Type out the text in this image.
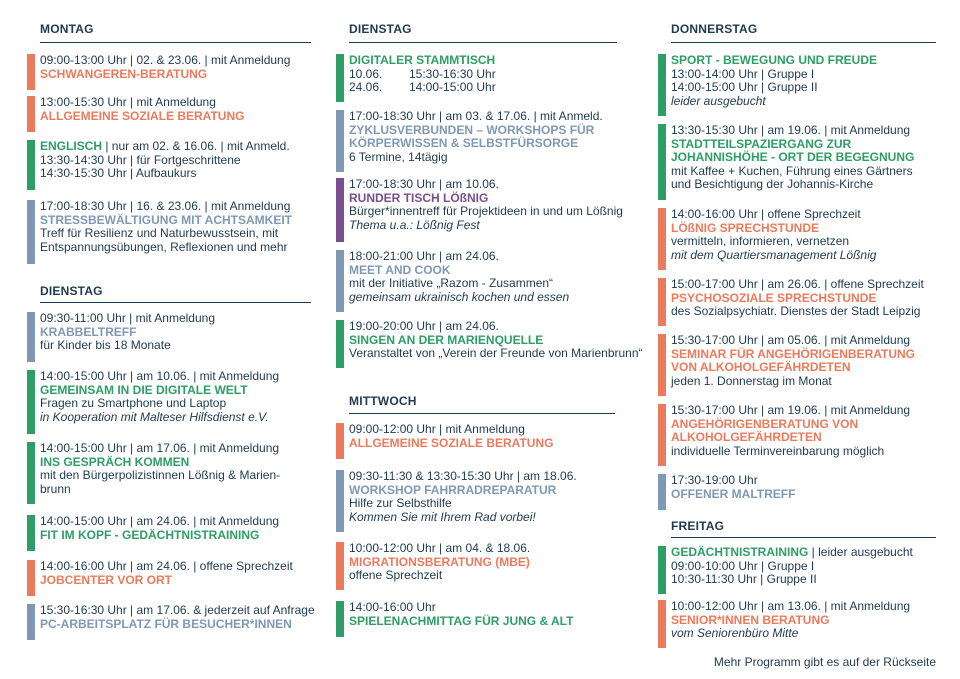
MONTAG
09:00-13:00 Uhr | 02. & 23.06. | mit Anmeldung
SCHWANGEREN-BERATUNG
13:00-15:30 Uhr | mit Anmeldung
ALLGEMEINE SOZIALE BERATUNG
ENGLISCH | nur am 02. & 16.06. | mit Anmeld.
13:30-14:30 Uhr | für Fortgeschrittene
14:30-15:30 Uhr | Aufbaukurs
17:00-18:30 Uhr | 16. & 23.06. | mit Anmeldung
STRESSBEWÄLTIGUNG MIT ACHTSAMKEIT
Treff für Resilienz und Naturbewusstsein, mit
Entspannungsübungen, Reflexionen und mehr
DIENSTAG
09:30-11:00 Uhr | mit Anmeldung
KRABBELTREFF
für Kinder bis 18 Monate
14:00-15:00 Uhr | am 10.06. | mit Anmeldung
GEMEINSAM IN DIE DIGITALE WELT
Fragen zu Smartphone und Laptop
in Kooperation mit Malteser Hilfsdienst e.V.
14:00-15:00 Uhr | am 17.06. | mit Anmeldung
INS GESPRÄCH KOMMEN
mit den Bürgerpolizistinnen Lößnig & Marien-
brunn
14:00-15:00 Uhr | am 24.06. | mit Anmeldung
FIT IM KOPF - GEDÄCHTNISTRAINING
14:00-16:00 Uhr | am 24.06. | offene Sprechzeit
JOBCENTER VOR ORT
15:30-16:30 Uhr | am 17.06. & jederzeit auf Anfrage
PC-ARBEITSPLATZ FÜR BESUCHER*INNEN
DIENSTAG
DIGITALER STAMMTISCH
10.06. 15:30-16:30 Uhr
24.06. 14:00-15:00 Uhr
17:00-18:30 Uhr | am 03. & 17.06. | mit Anmeld.
ZYKLUSVERBUNDEN – WORKSHOPS FÜR
KÖRPERWISSEN & SELBSTFÜRSORGE
6 Termine, 14tägig
17:00-18:30 Uhr | am 10.06.
RUNDER TISCH LÖßNIG
Bürger*innentreff für Projektideen in und um Lößnig
Thema u.a.: Lößnig Fest
18:00-21:00 Uhr | am 24.06.
MEET AND COOK
mit der Initiative „Razom - Zusammen“
gemeinsam ukrainisch kochen und essen
19:00-20:00 Uhr | am 24.06.
SINGEN AN DER MARIENQUELLE
Veranstaltet von „Verein der Freunde von Marienbrunn“
MITTWOCH
09:00-12:00 Uhr | mit Anmeldung
ALLGEMEINE SOZIALE BERATUNG
09:30-11:30 & 13:30-15:30 Uhr | am 18.06.
WORKSHOP FAHRRADREPARATUR
Hilfe zur Selbsthilfe
Kommen Sie mit Ihrem Rad vorbei!
10:00-12:00 Uhr | am 04. & 18.06.
MIGRATIONSBERATUNG (MBE)
offene Sprechzeit
14:00-16:00 Uhr
SPIELENACHMITTAG FÜR JUNG & ALT
DONNERSTAG
SPORT - BEWEGUNG UND FREUDE
13:00-14:00 Uhr | Gruppe I
14:00-15:00 Uhr | Gruppe II
leider ausgebucht
13:30-15:30 Uhr | am 19.06. | mit Anmeldung
STADTTEILSPAZIERGANG ZUR
JOHANNISHÖHE - ORT DER BEGEGNUNG
mit Kaffee + Kuchen, Führung eines Gärtners
und Besichtigung der Johannis-Kirche
14:00-16:00 Uhr | offene Sprechzeit
LÖßNIG SPRECHSTUNDE
vermitteln, informieren, vernetzen
mit dem Quartiersmanagement Lößnig
15:00-17:00 Uhr | am 26.06. | offene Sprechzeit
PSYCHOSOZIALE SPRECHSTUNDE
des Sozialpsychiatr. Dienstes der Stadt Leipzig
15:30-17:00 Uhr | am 05.06. | mit Anmeldung
SEMINAR FÜR ANGEHÖRIGENBERATUNG
VON ALKOHOLGEFÄHRDETEN
jeden 1. Donnerstag im Monat
15:30-17:00 Uhr | am 19.06. | mit Anmeldung
ANGEHÖRIGENBERATUNG VON
ALKOHOLGEFÄHRDETEN
individuelle Terminvereinbarung möglich
17:30-19:00 Uhr
OFFENER MALTREFF
FREITAG
GEDÄCHTNISTRAINING | leider ausgebucht
09:00-10:00 Uhr | Gruppe I
10:30-11:30 Uhr | Gruppe II
10:00-12:00 Uhr | am 13.06. | mit Anmeldung
SENIOR*INNEN BERATUNG
vom Seniorenbüro Mitte
Mehr Programm gibt es auf der Rückseite
